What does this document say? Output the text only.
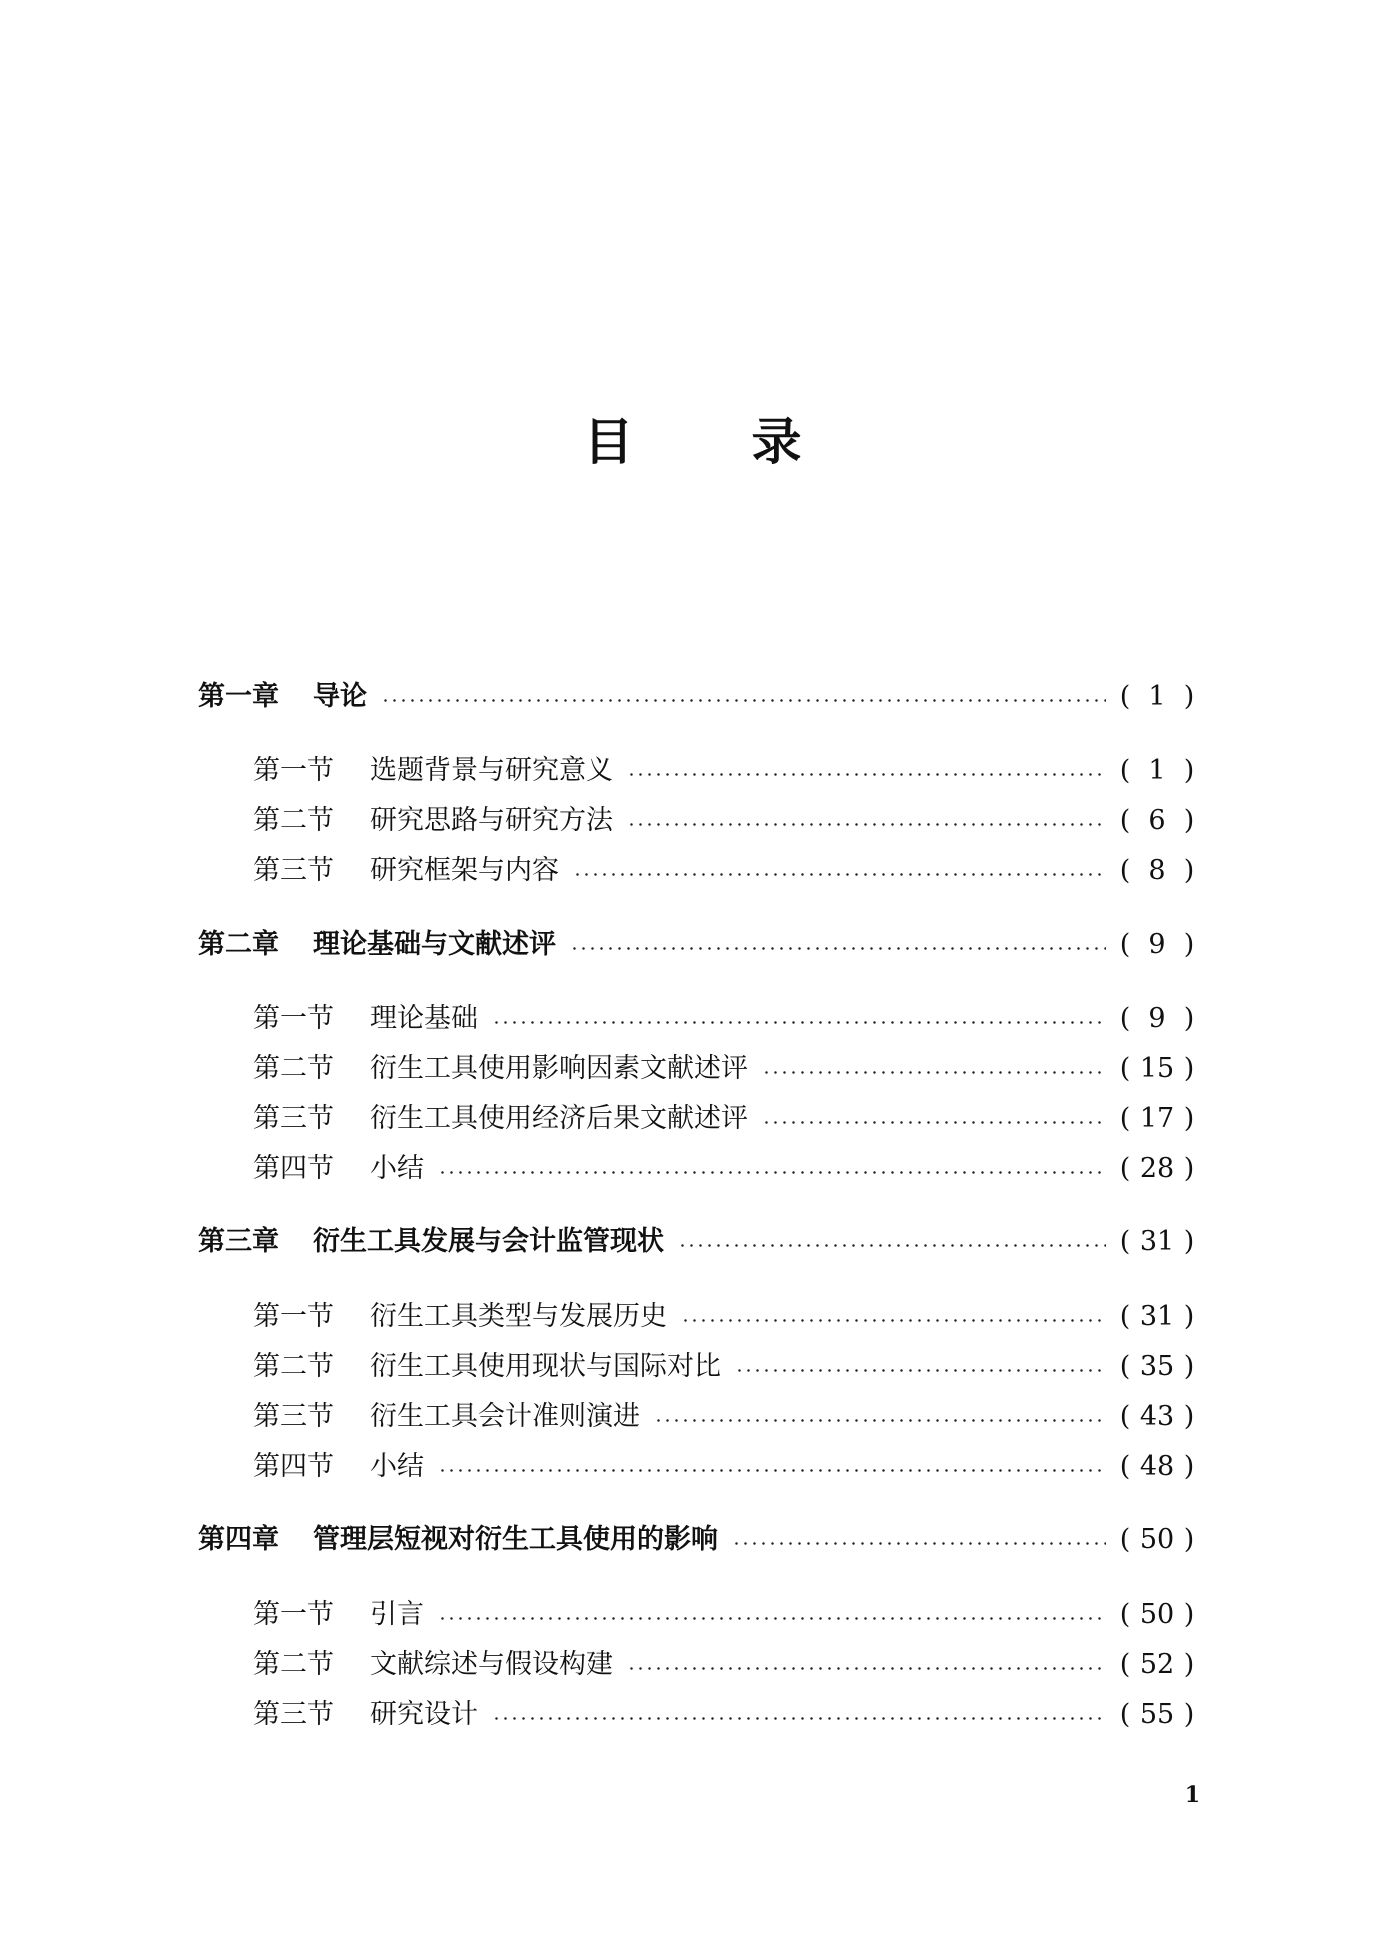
目 录
第一章	导论	( 1 )
第一节	选题背景与研究意义	( 1 )
第二节	研究思路与研究方法	( 6 )
第三节	研究框架与内容	( 8 )
第二章	理论基础与文献述评	( 9 )
第一节	理论基础	( 9 )
第二节	衍生工具使用影响因素文献述评	( 15 )
第三节	衍生工具使用经济后果文献述评	( 17 )
第四节	小结	( 28 )
第三章	衍生工具发展与会计监管现状	( 31 )
第一节	衍生工具类型与发展历史	( 31 )
第二节	衍生工具使用现状与国际对比	( 35 )
第三节	衍生工具会计准则演进	( 43 )
第四节	小结	( 48 )
第四章	管理层短视对衍生工具使用的影响	( 50 )
第一节	引言	( 50 )
第二节	文献综述与假设构建	( 52 )
第三节	研究设计	( 55 )
1
